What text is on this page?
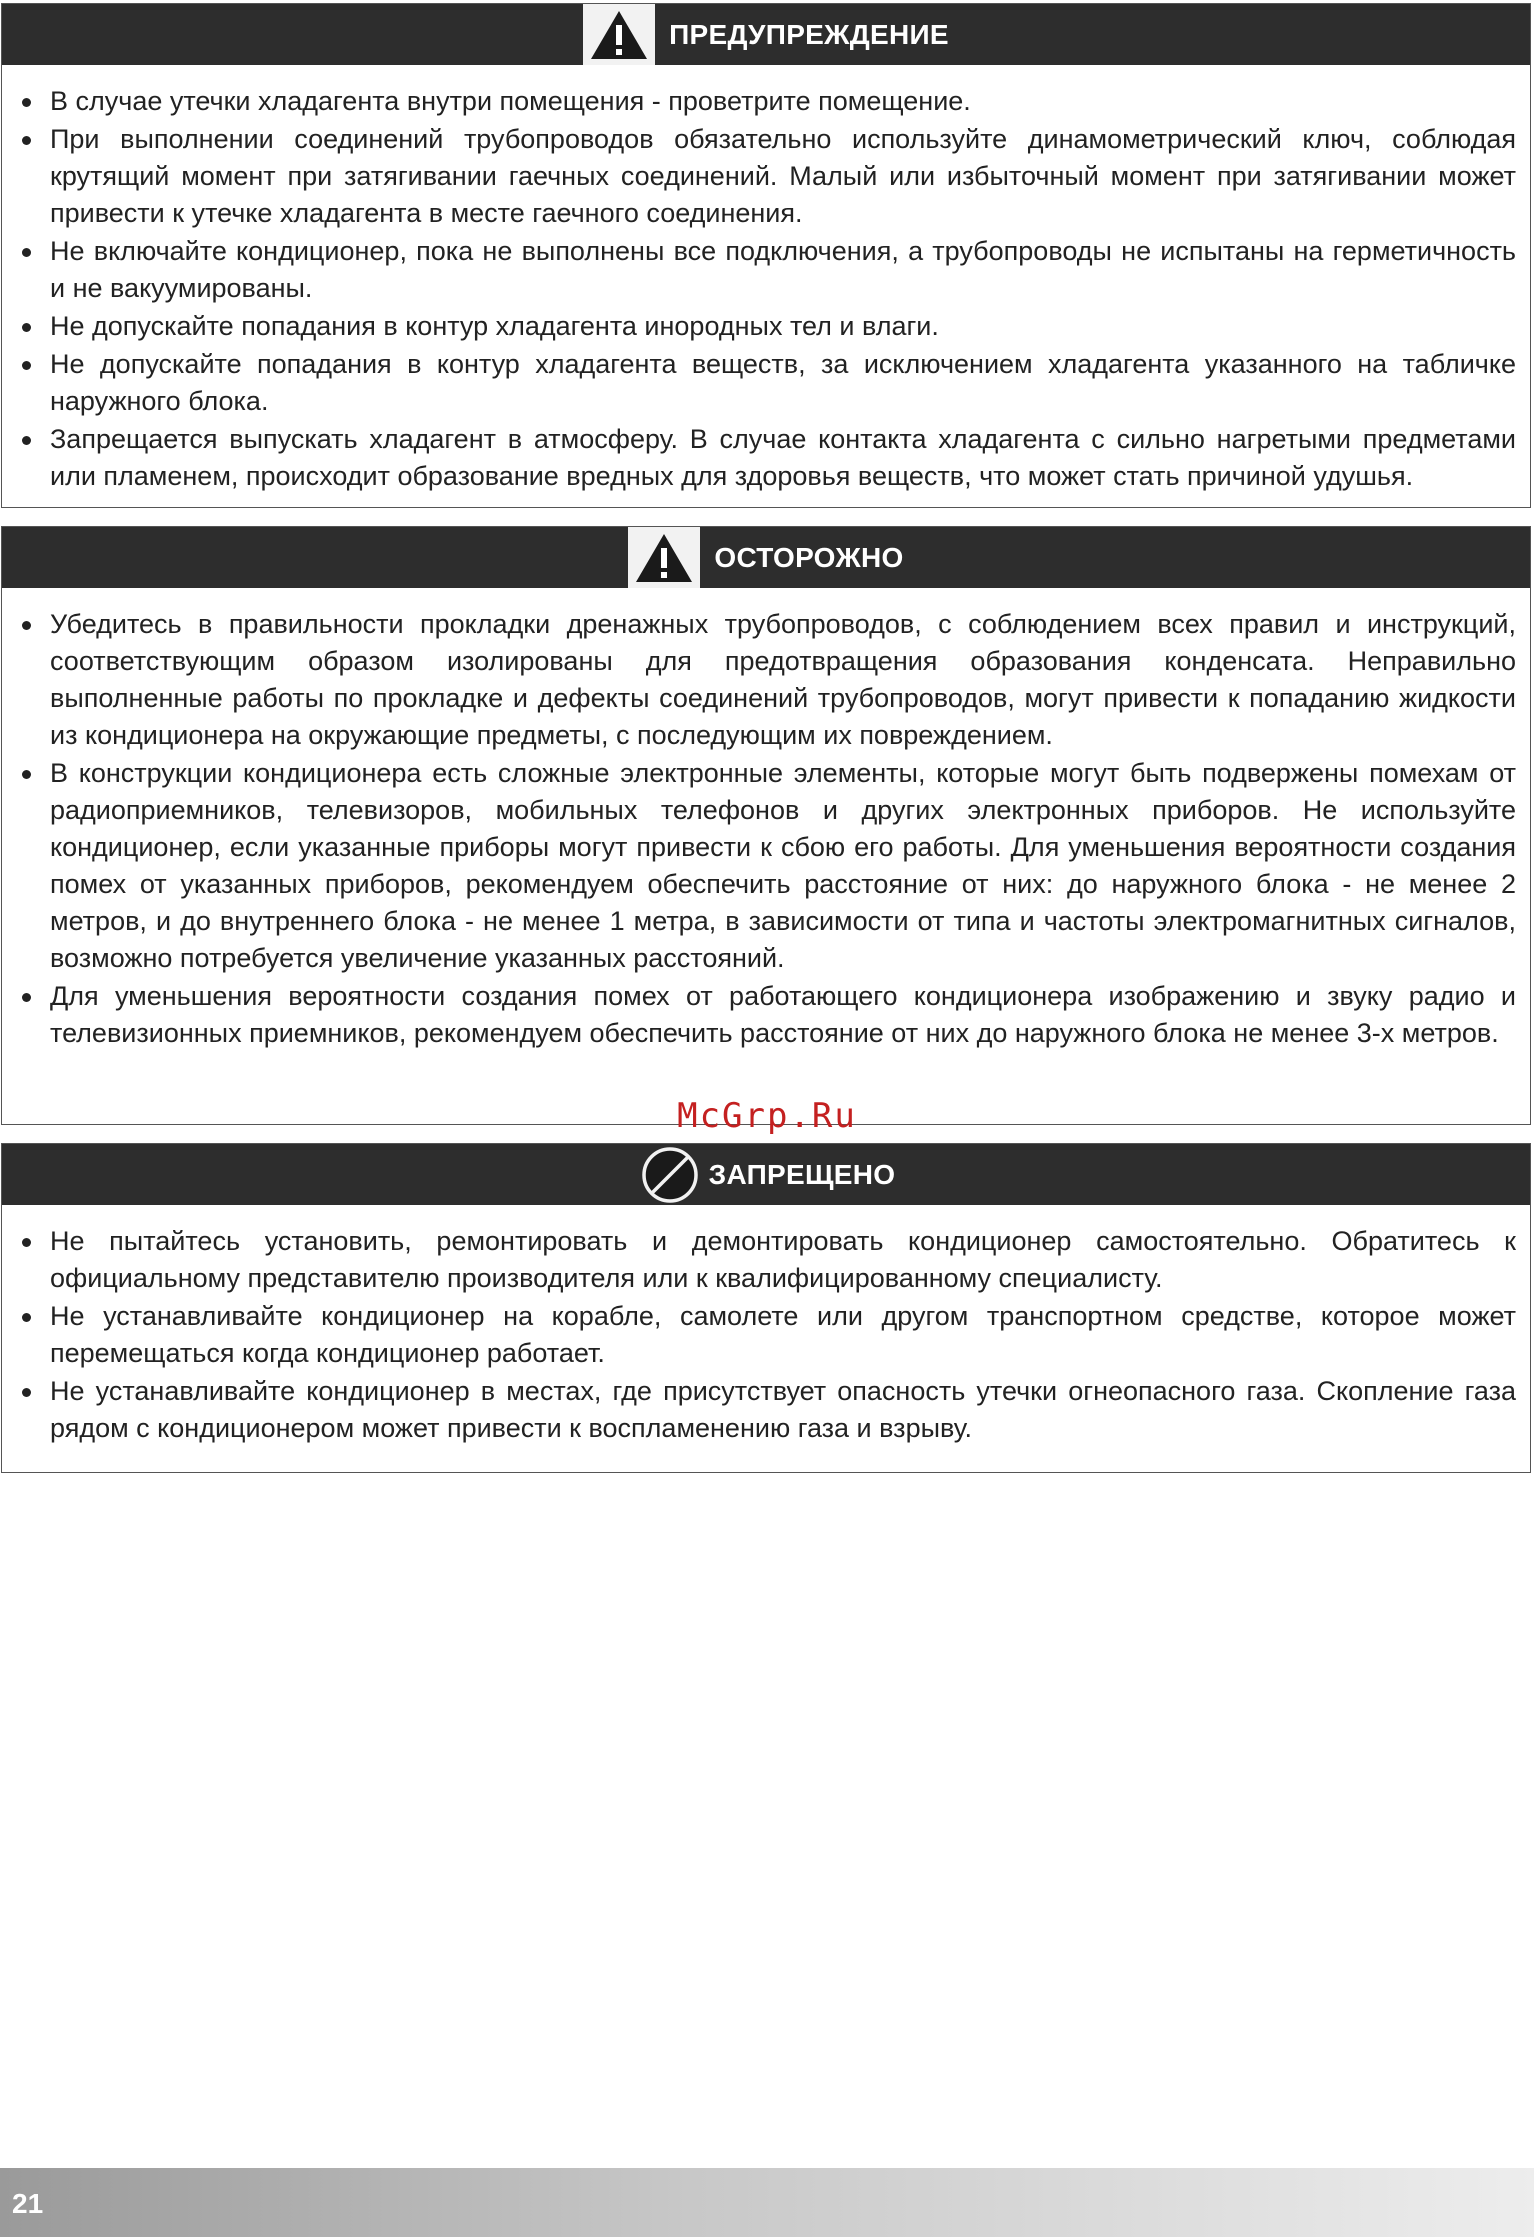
ПРЕДУПРЕЖДЕНИЕ
В случае утечки хладагента внутри помещения - проветрите помещение.
При выполнении соединений трубопроводов обязательно используйте динамометрический ключ, соблюдая крутящий момент при затягивании гаечных соединений. Малый или избыточный момент при затягивании может привести к утечке хладагента в месте гаечного соединения.
Не включайте кондиционер, пока не выполнены все подключения, а трубопроводы не испытаны на герметичность и не вакуумированы.
Не допускайте попадания в контур хладагента инородных тел и влаги.
Не допускайте попадания в контур хладагента веществ, за исключением хладагента указанного на табличке наружного блока.
Запрещается выпускать хладагент в атмосферу. В случае контакта хладагента с сильно нагретыми предметами или пламенем, происходит образование вредных для здоровья веществ, что может стать причиной удушья.
ОСТОРОЖНО
Убедитесь в правильности прокладки дренажных трубопроводов, с соблюдением всех правил и инструкций, соответствующим образом изолированы для предотвращения образования конденсата. Неправильно выполненные работы по прокладке и дефекты соединений трубопроводов, могут привести к попаданию жидкости из кондиционера на окружающие предметы, с последующим их повреждением.
В конструкции кондиционера есть сложные электронные элементы, которые могут быть подвержены помехам от радиоприемников, телевизоров, мобильных телефонов и других электронных приборов. Не используйте кондиционер, если указанные приборы могут привести к сбою его работы. Для уменьшения вероятности создания помех от указанных приборов, рекомендуем обеспечить расстояние от них: до наружного блока - не менее 2 метров, и до внутреннего блока - не менее 1 метра, в зависимости от типа и частоты электромагнитных сигналов, возможно потребуется увеличение указанных расстояний.
Для уменьшения вероятности создания помех от работающего кондиционера изображению и звуку радио и телевизионных приемников, рекомендуем обеспечить расстояние от них до наружного блока не менее 3-х метров.
McGrp.Ru
ЗАПРЕЩЕНО
Не пытайтесь установить, ремонтировать и демонтировать кондиционер самостоятельно. Обратитесь к официальному представителю производителя или к квалифицированному специалисту.
Не устанавливайте кондиционер на корабле, самолете или другом транспортном средстве, которое может перемещаться когда кондиционер работает.
Не устанавливайте кондиционер в местах, где присутствует опасность утечки огнеопасного газа. Скопление газа рядом с кондиционером может привести к воспламенению газа и взрыву.
21
